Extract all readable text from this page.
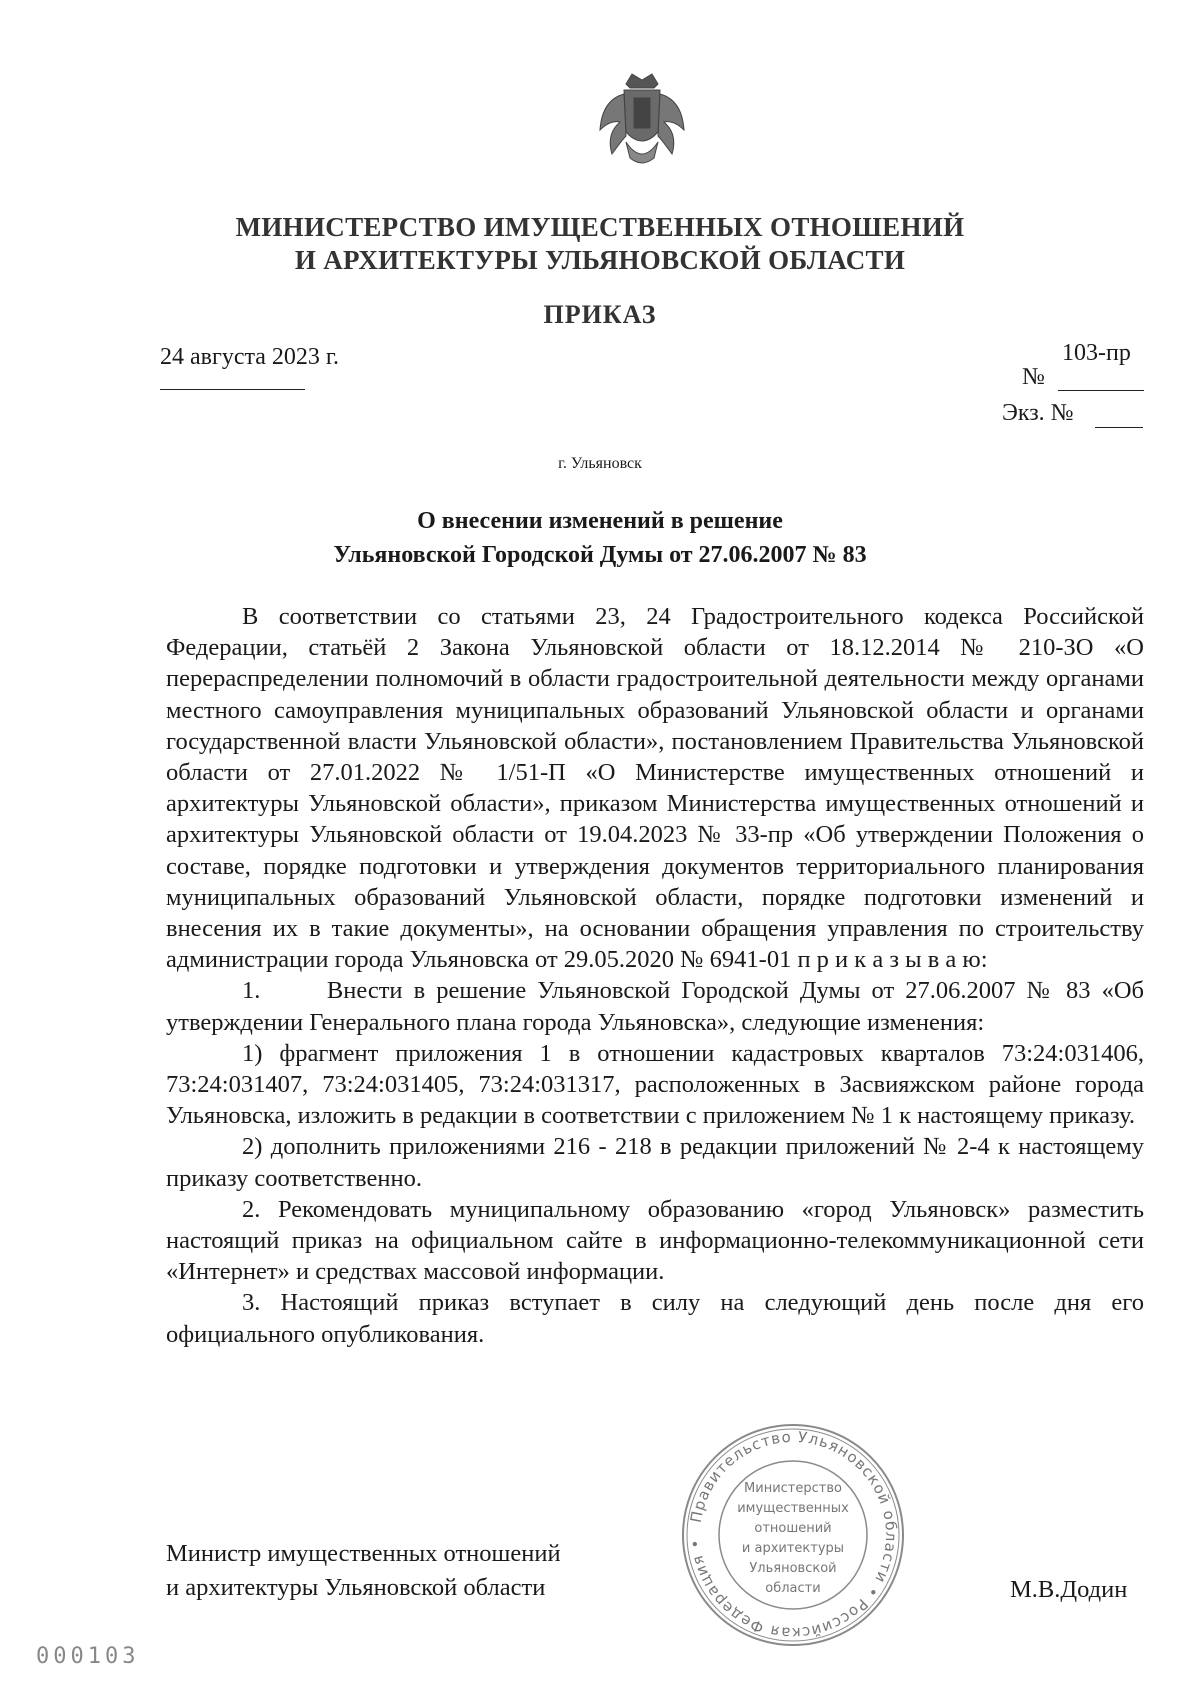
МИНИСТЕРСТВО ИМУЩЕСТВЕННЫХ ОТНОШЕНИЙ
И АРХИТЕКТУРЫ УЛЬЯНОВСКОЙ ОБЛАСТИ
ПРИКАЗ
24 августа 2023 г.	103-пр
№
Экз. №
г. Ульяновск
О внесении изменений в решение
Ульяновской Городской Думы от 27.06.2007 № 83

В соответствии со статьями 23, 24 Градостроительного кодекса Российской Федерации, статьёй 2 Закона Ульяновской области от 18.12.2014 № 210-ЗО «О перераспределении полномочий в области градостроительной деятельности между органами местного самоуправления муниципальных образований Ульяновской области и органами государственной власти Ульяновской области», постановлением Правительства Ульяновской области от 27.01.2022 № 1/51-П «О Министерстве имущественных отношений и архитектуры Ульяновской области», приказом Министерства имущественных отношений и архитектуры Ульяновской области от 19.04.2023 № 33-пр «Об утверждении Положения о составе, порядке подготовки и утверждения документов территориального планирования муниципальных образований Ульяновской области, порядке подготовки изменений и внесения их в такие документы», на основании обращения управления по строительству администрации города Ульяновска от 29.05.2020 № 6941-01 п р и к а з ы в а ю:

1.      Внести в решение Ульяновской Городской Думы от 27.06.2007 № 83 «Об утверждении Генерального плана города Ульяновска», следующие изменения:

1) фрагмент приложения 1 в отношении кадастровых кварталов 73:24:031406, 73:24:031407, 73:24:031405, 73:24:031317, расположенных в Засвияжском районе города Ульяновска, изложить в редакции в соответствии с приложением № 1 к настоящему приказу.

2) дополнить приложениями 216 - 218 в редакции приложений № 2-4 к настоящему приказу соответственно.

2. Рекомендовать муниципальному образованию «город Ульяновск» разместить настоящий приказ на официальном сайте в информационно-телекоммуникационной сети «Интернет» и средствах массовой информации.

3. Настоящий приказ вступает в силу на следующий день после дня его официального опубликования.

Правительство Ульяновской области • Российская Федерация •
Министерство
имущественных
отношений
и архитектуры
Ульяновской
области
Министр имущественных отношений
и архитектуры Ульяновской области	М.В.Додин
000103
